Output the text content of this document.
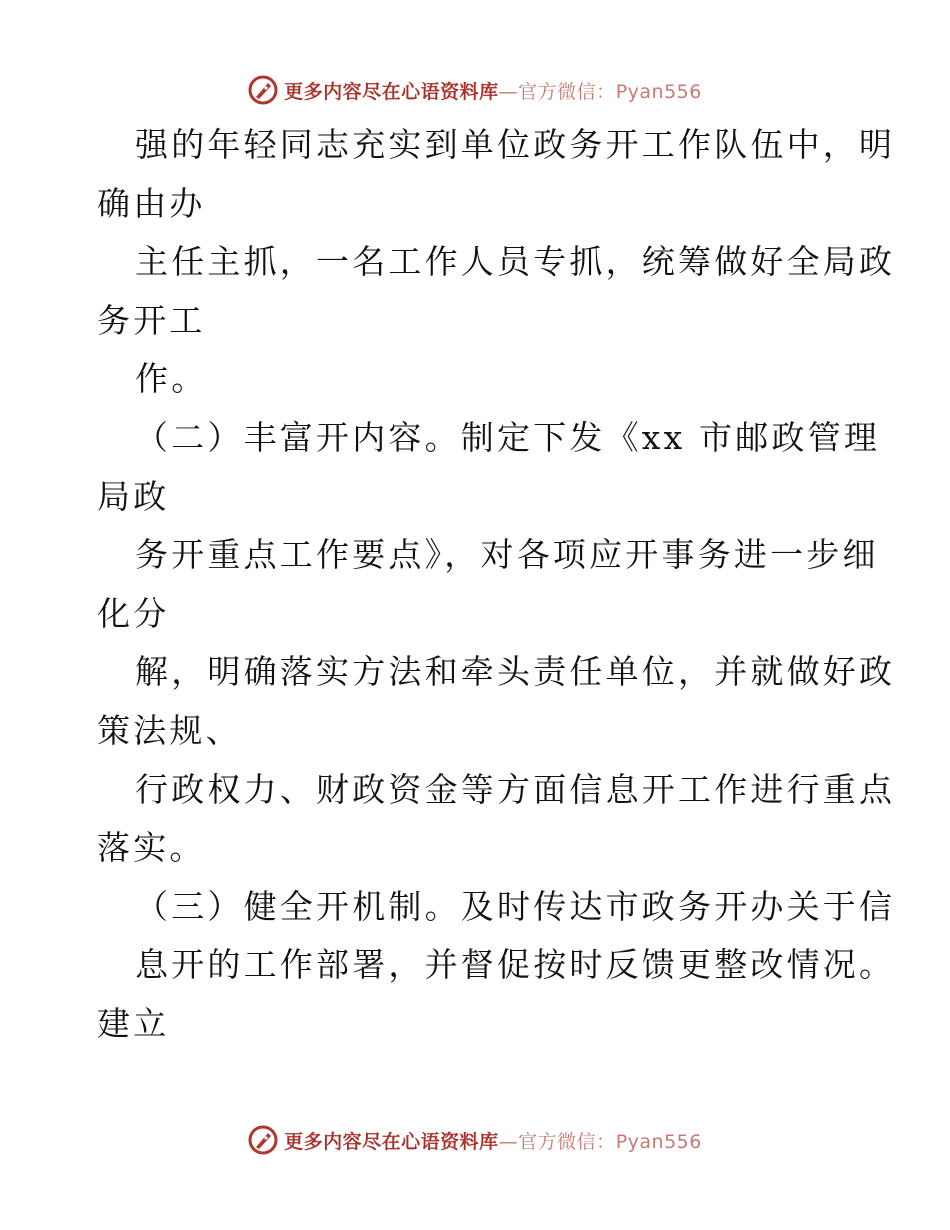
更多内容尽在心语资料库—官方微信：Pyan556

强的年轻同志充实到单位政务开工作队伍中，明

确由办

主任主抓，一名工作人员专抓，统筹做好全局政

务开工

作。

（二）丰富开内容。制定下发《xx 市邮政管理

局政

务开重点工作要点》，对各项应开事务进一步细

化分

解，明确落实方法和牵头责任单位，并就做好政

策法规、

行政权力、财政资金等方面信息开工作进行重点

落实。

（三）健全开机制。及时传达市政务开办关于信

息开的工作部署，并督促按时反馈更整改情况。

建立

更多内容尽在心语资料库—官方微信：Pyan556
